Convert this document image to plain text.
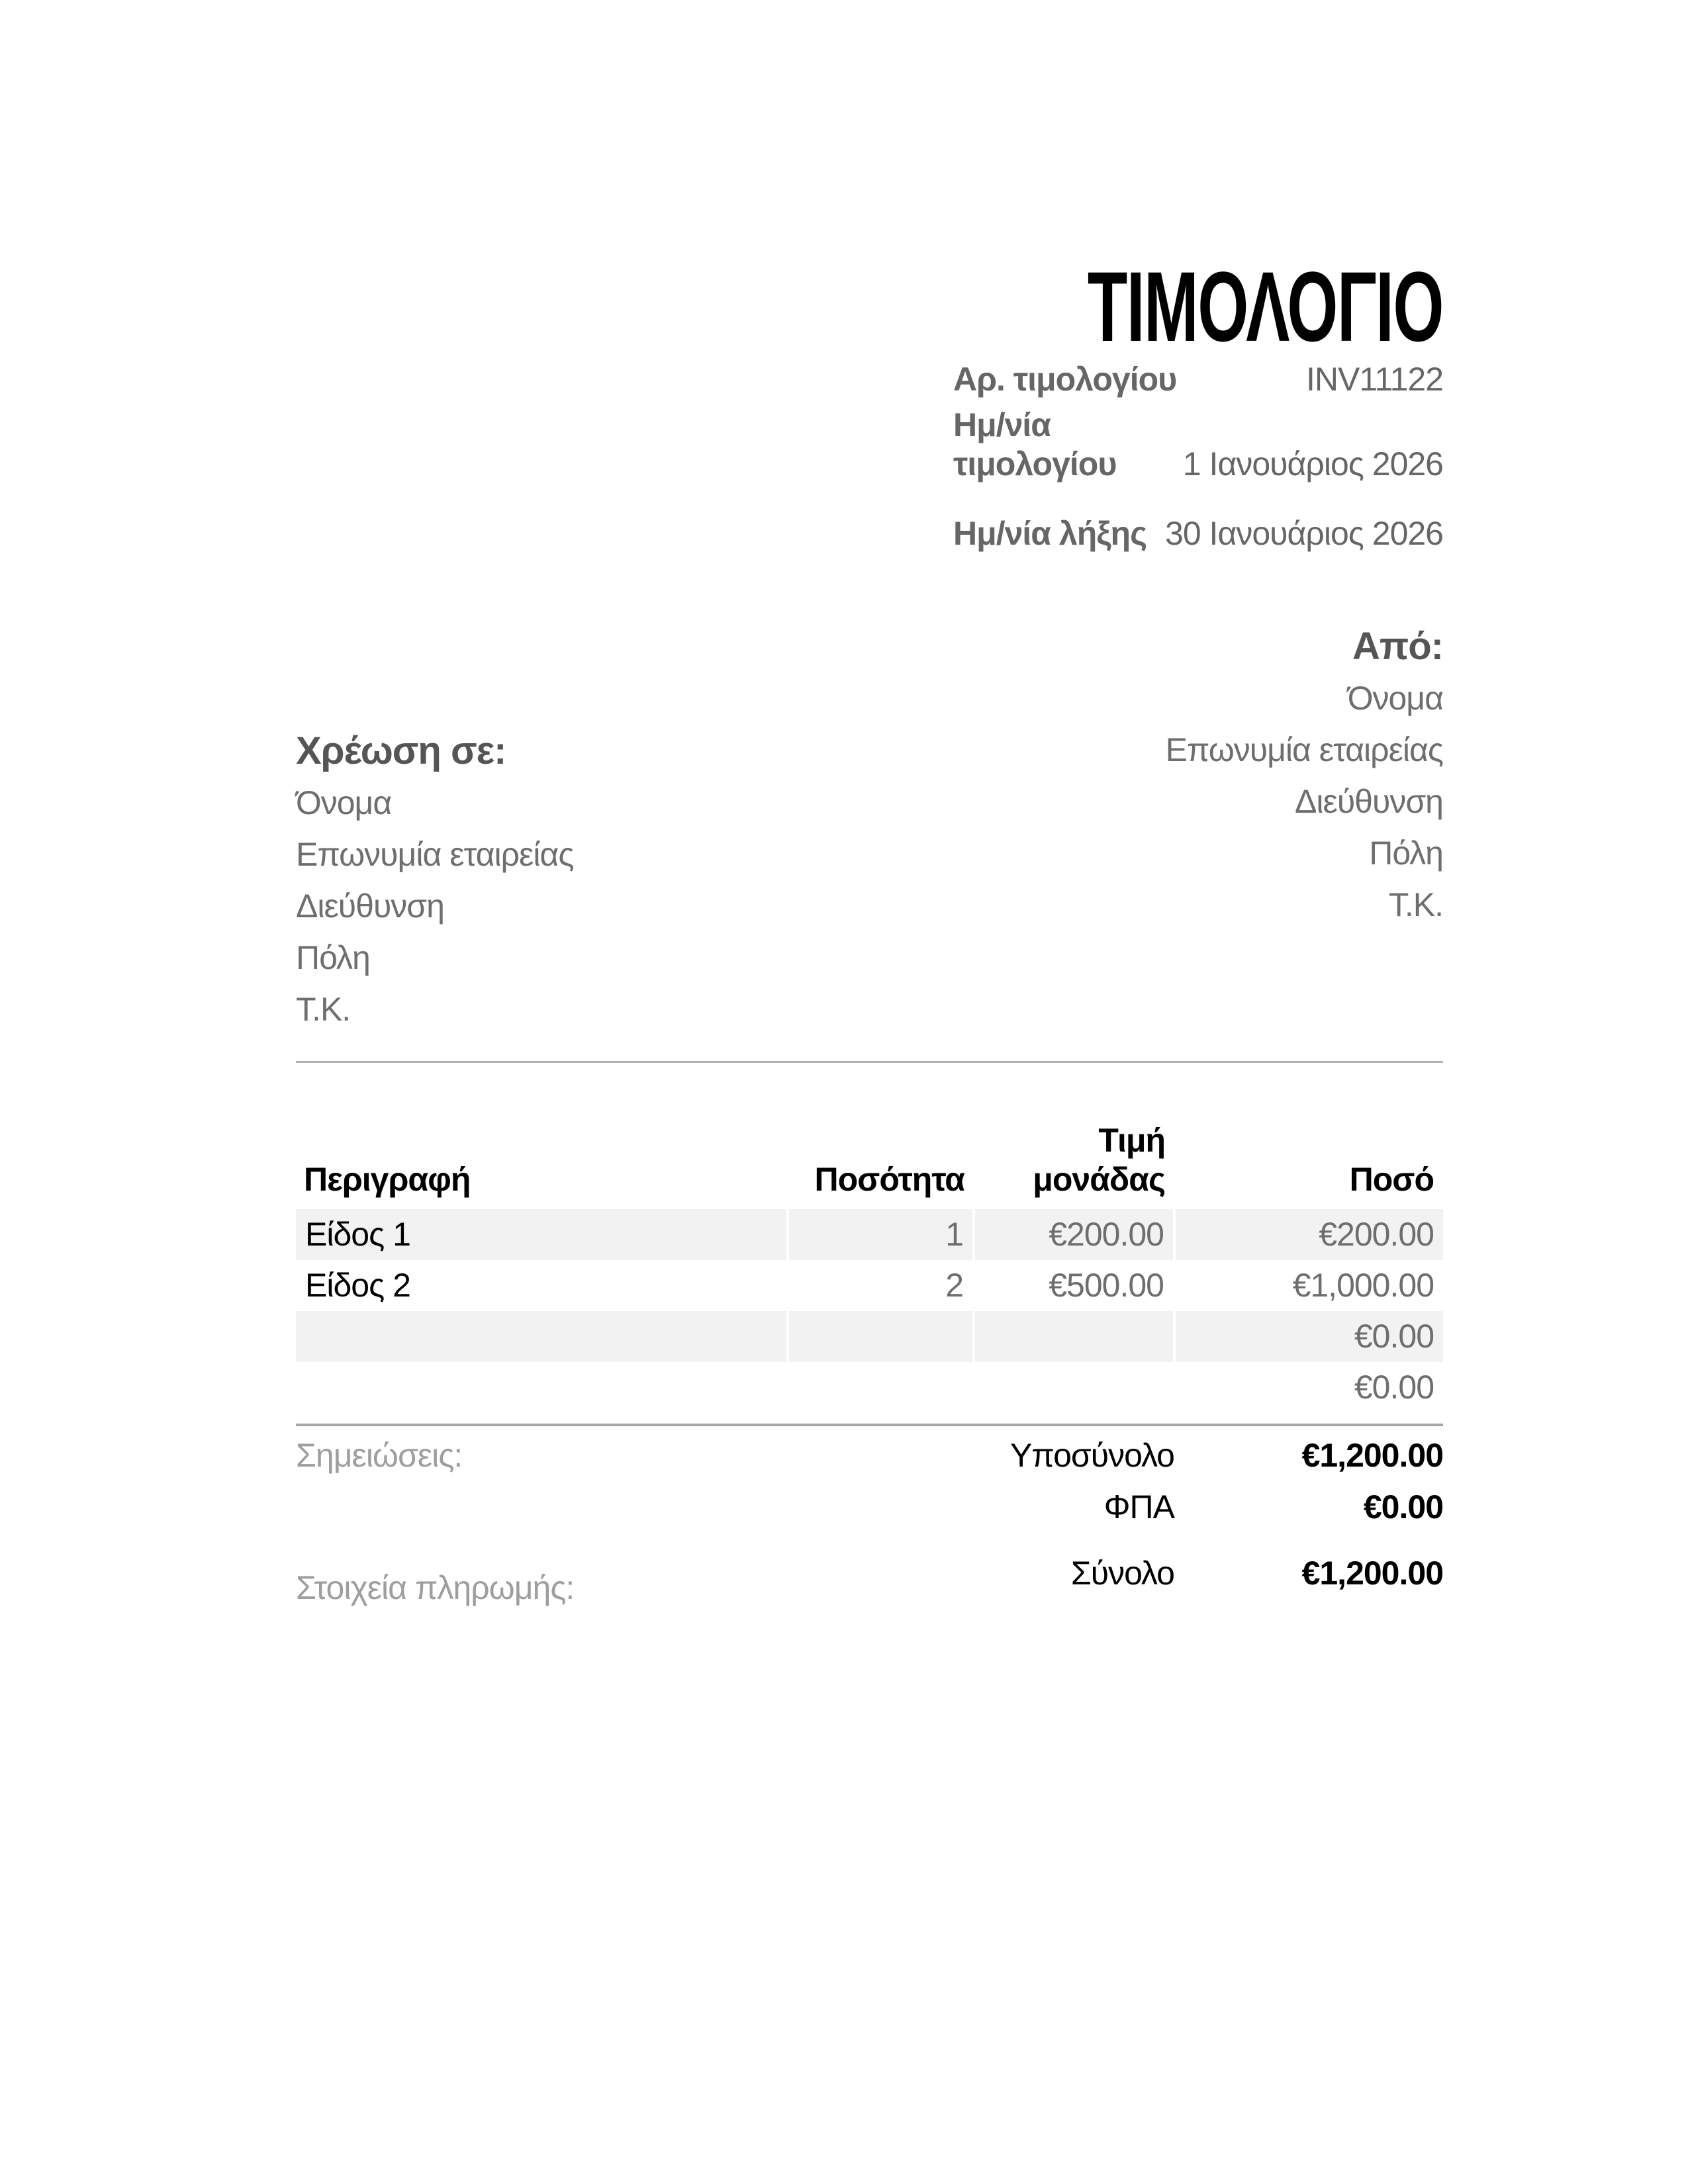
ΤΙΜΟΛΟΓΙΟ
Αρ. τιμολογίου	INV11122
Ημ/νία τιμολογίου	1 Ιανουάριος 2026
Ημ/νία λήξης 30 Ιανουάριος 2026

Χρέωση σε:

Όνομα

Επωνυμία εταιρείας

Διεύθυνση

Πόλη

Τ.Κ.

Από:

Όνομα

Επωνυμία εταιρείας

Διεύθυνση

Πόλη

Τ.Κ.

Περιγραφή	Ποσότητα	Τιμή μονάδας	Ποσό
Είδος 1	1	€200.00	€200.00
Είδος 2	2	€500.00	€1,000.00
			€0.00
			€0.00
Σημειώσεις:
Στοιχεία πληρωμής:
Υποσύνολο	€1,200.00
ΦΠΑ	€0.00
Σύνολο	€1,200.00
